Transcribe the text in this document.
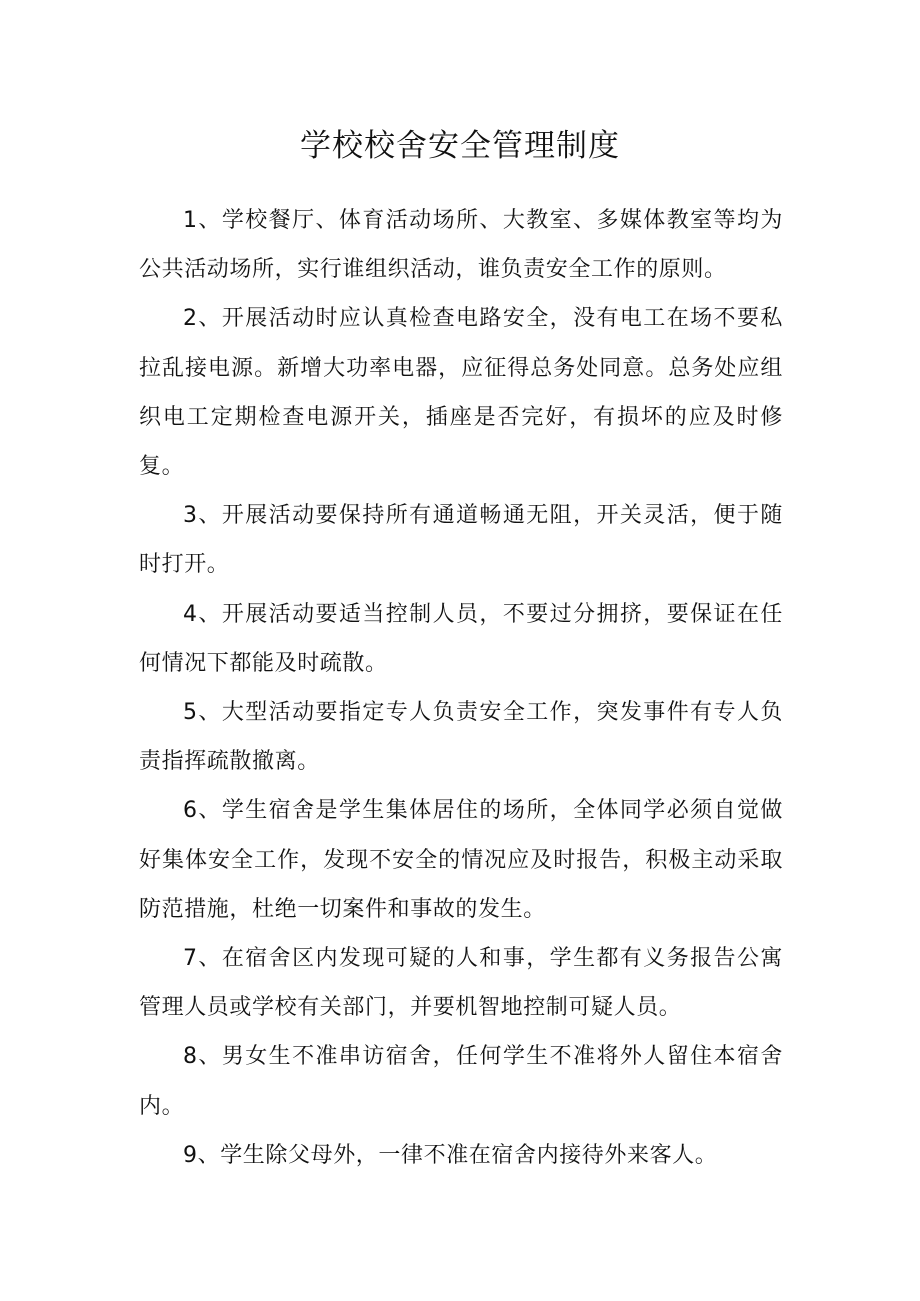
学校校舍安全管理制度

1、学校餐厅、体育活动场所、大教室、多媒体教室等均为公共活动场所，实行谁组织活动，谁负责安全工作的原则。

2、开展活动时应认真检查电路安全，没有电工在场不要私拉乱接电源。新增大功率电器，应征得总务处同意。总务处应组织电工定期检查电源开关，插座是否完好，有损坏的应及时修复。

3、开展活动要保持所有通道畅通无阻，开关灵活，便于随时打开。

4、开展活动要适当控制人员，不要过分拥挤，要保证在任何情况下都能及时疏散。

5、大型活动要指定专人负责安全工作，突发事件有专人负责指挥疏散撤离。

6、学生宿舍是学生集体居住的场所，全体同学必须自觉做好集体安全工作，发现不安全的情况应及时报告，积极主动采取防范措施，杜绝一切案件和事故的发生。

7、在宿舍区内发现可疑的人和事，学生都有义务报告公寓管理人员或学校有关部门，并要机智地控制可疑人员。

8、男女生不准串访宿舍，任何学生不准将外人留住本宿舍内。

9、学生除父母外，一律不准在宿舍内接待外来客人。
